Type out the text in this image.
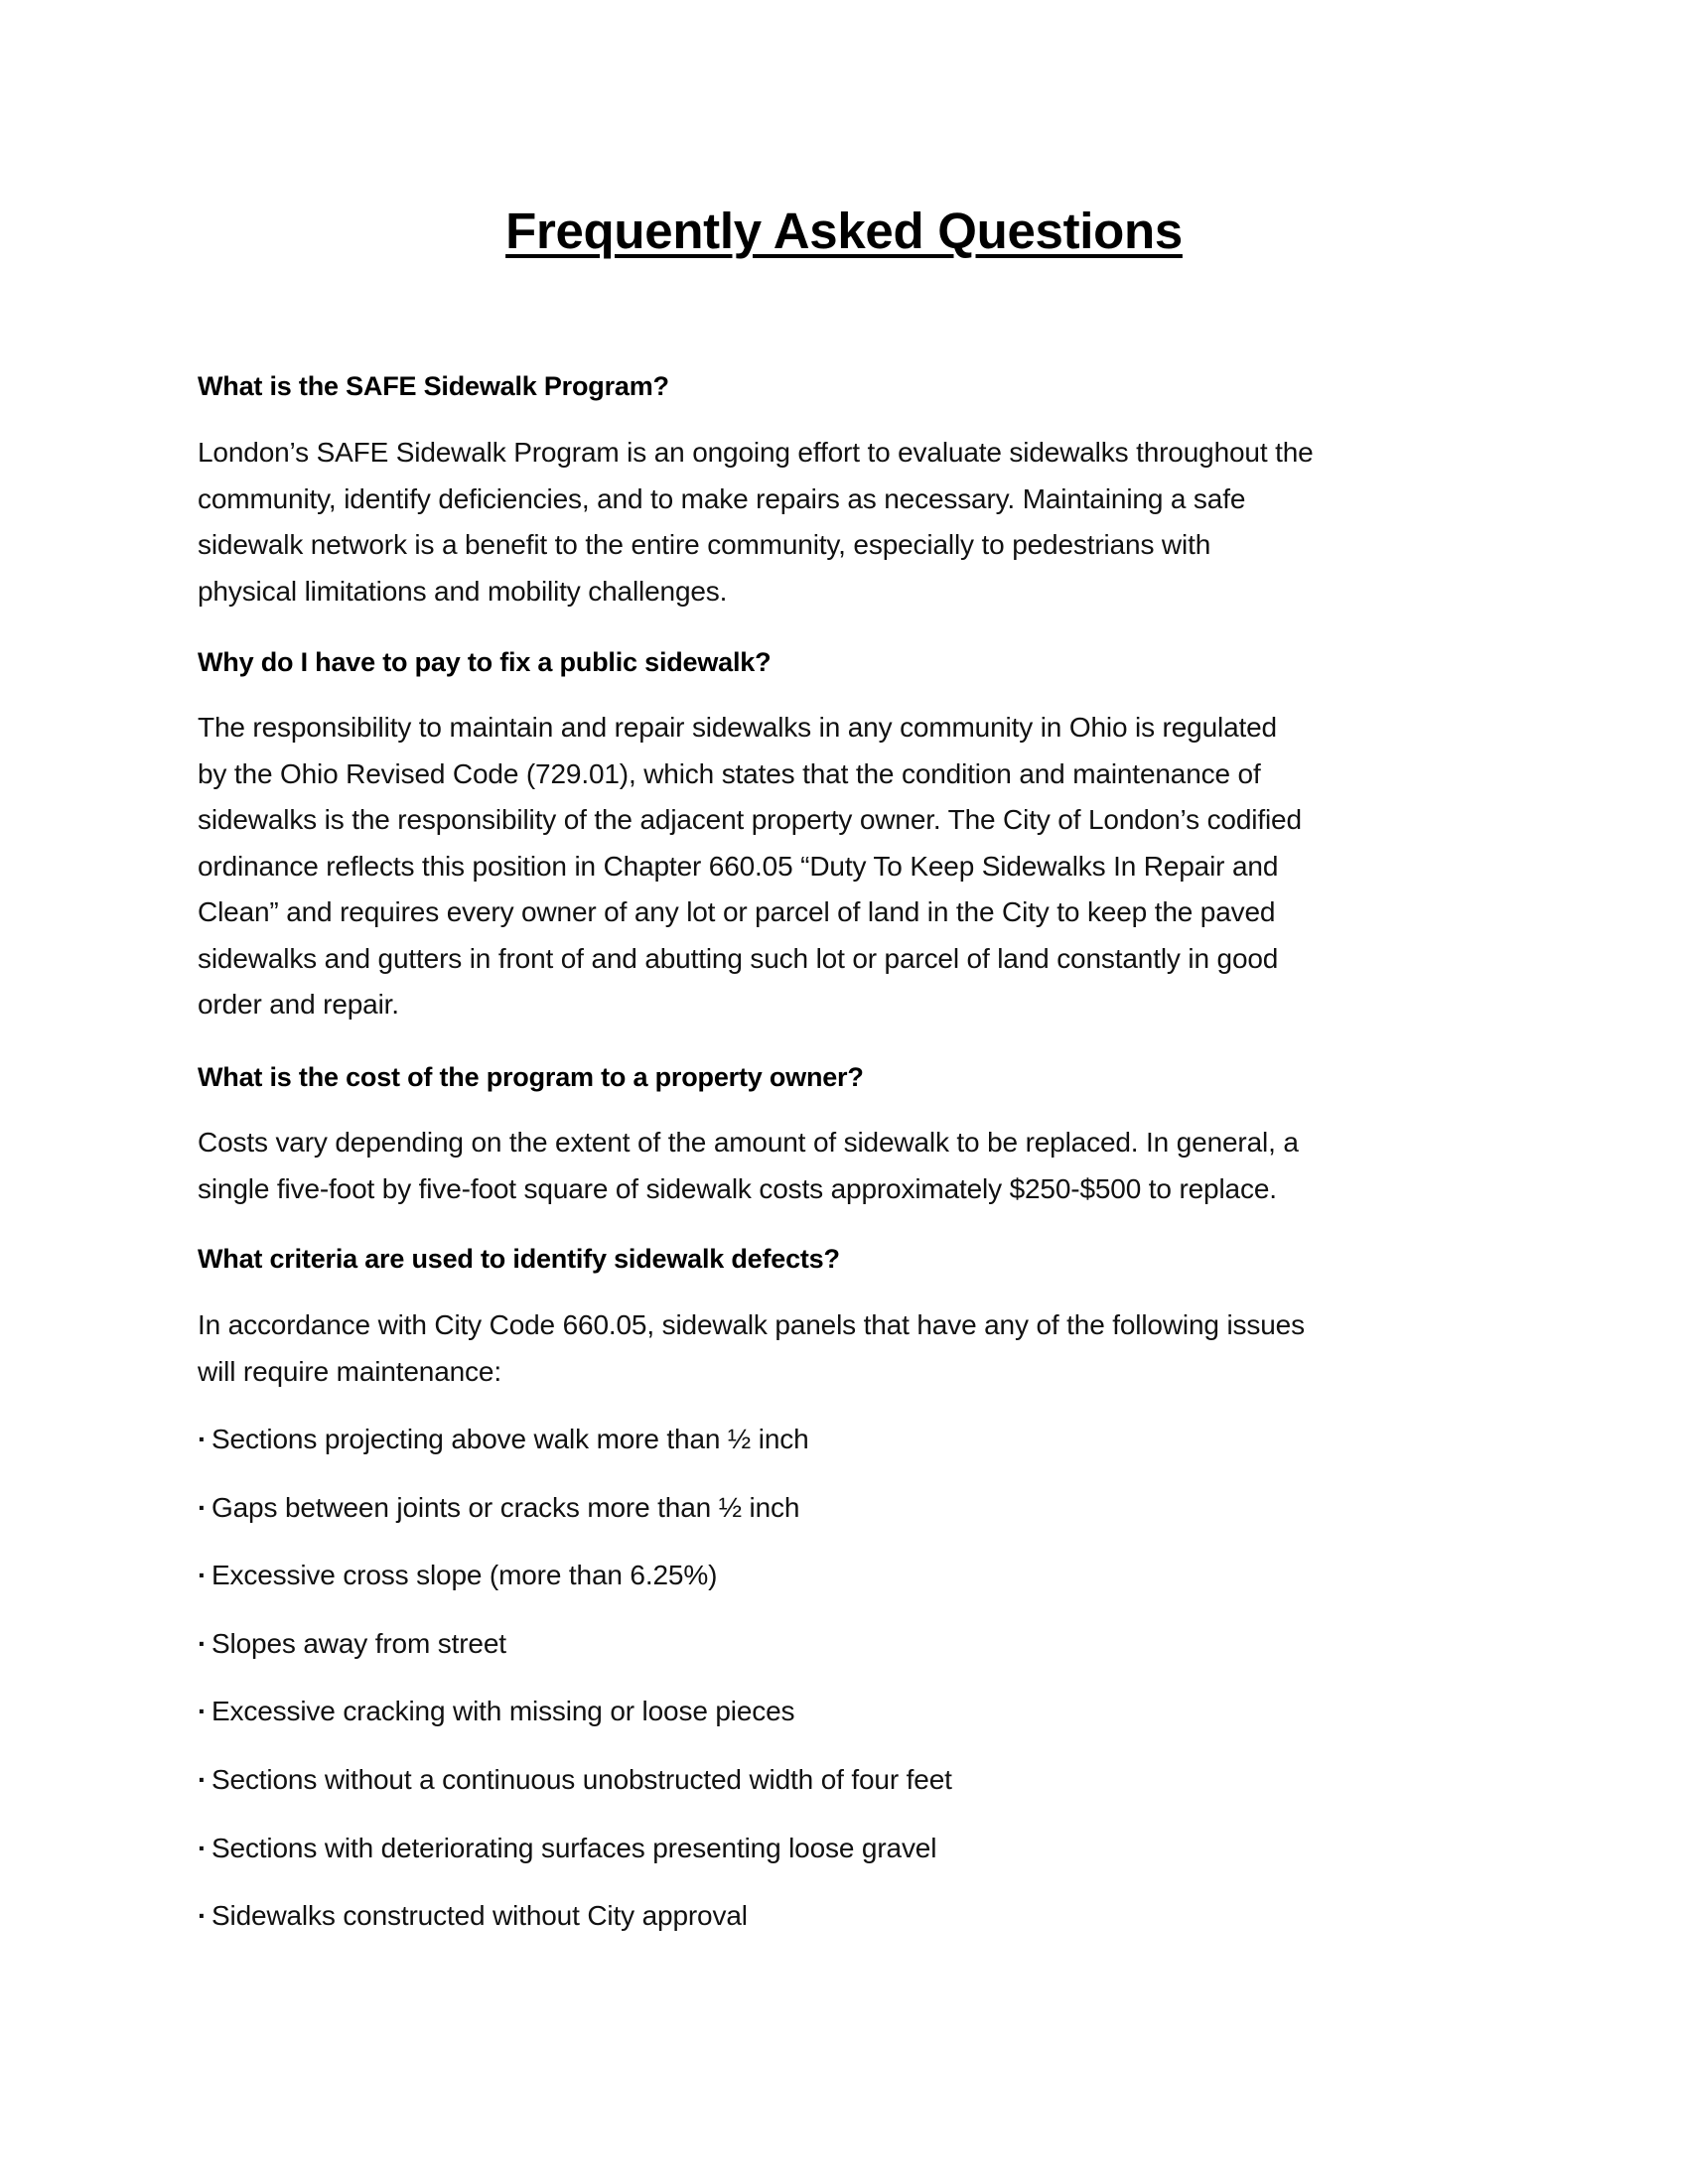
Frequently Asked Questions
What is the SAFE Sidewalk Program?
London’s SAFE Sidewalk Program is an ongoing effort to evaluate sidewalks throughout the
community, identify deficiencies, and to make repairs as necessary. Maintaining a safe
sidewalk network is a benefit to the entire community, especially to pedestrians with
physical limitations and mobility challenges.
Why do I have to pay to fix a public sidewalk?
The responsibility to maintain and repair sidewalks in any community in Ohio is regulated
by the Ohio Revised Code (729.01), which states that the condition and maintenance of
sidewalks is the responsibility of the adjacent property owner. The City of London’s codified
ordinance reflects this position in Chapter 660.05 “Duty To Keep Sidewalks In Repair and
Clean” and requires every owner of any lot or parcel of land in the City to keep the paved
sidewalks and gutters in front of and abutting such lot or parcel of land constantly in good
order and repair.
What is the cost of the program to a property owner?
Costs vary depending on the extent of the amount of sidewalk to be replaced. In general, a
single five-foot by five-foot square of sidewalk costs approximately $250-$500 to replace.
What criteria are used to identify sidewalk defects?
In accordance with City Code 660.05, sidewalk panels that have any of the following issues
will require maintenance:
· Sections projecting above walk more than ½ inch
· Gaps between joints or cracks more than ½ inch
· Excessive cross slope (more than 6.25%)
· Slopes away from street
· Excessive cracking with missing or loose pieces
· Sections without a continuous unobstructed width of four feet
· Sections with deteriorating surfaces presenting loose gravel
· Sidewalks constructed without City approval
